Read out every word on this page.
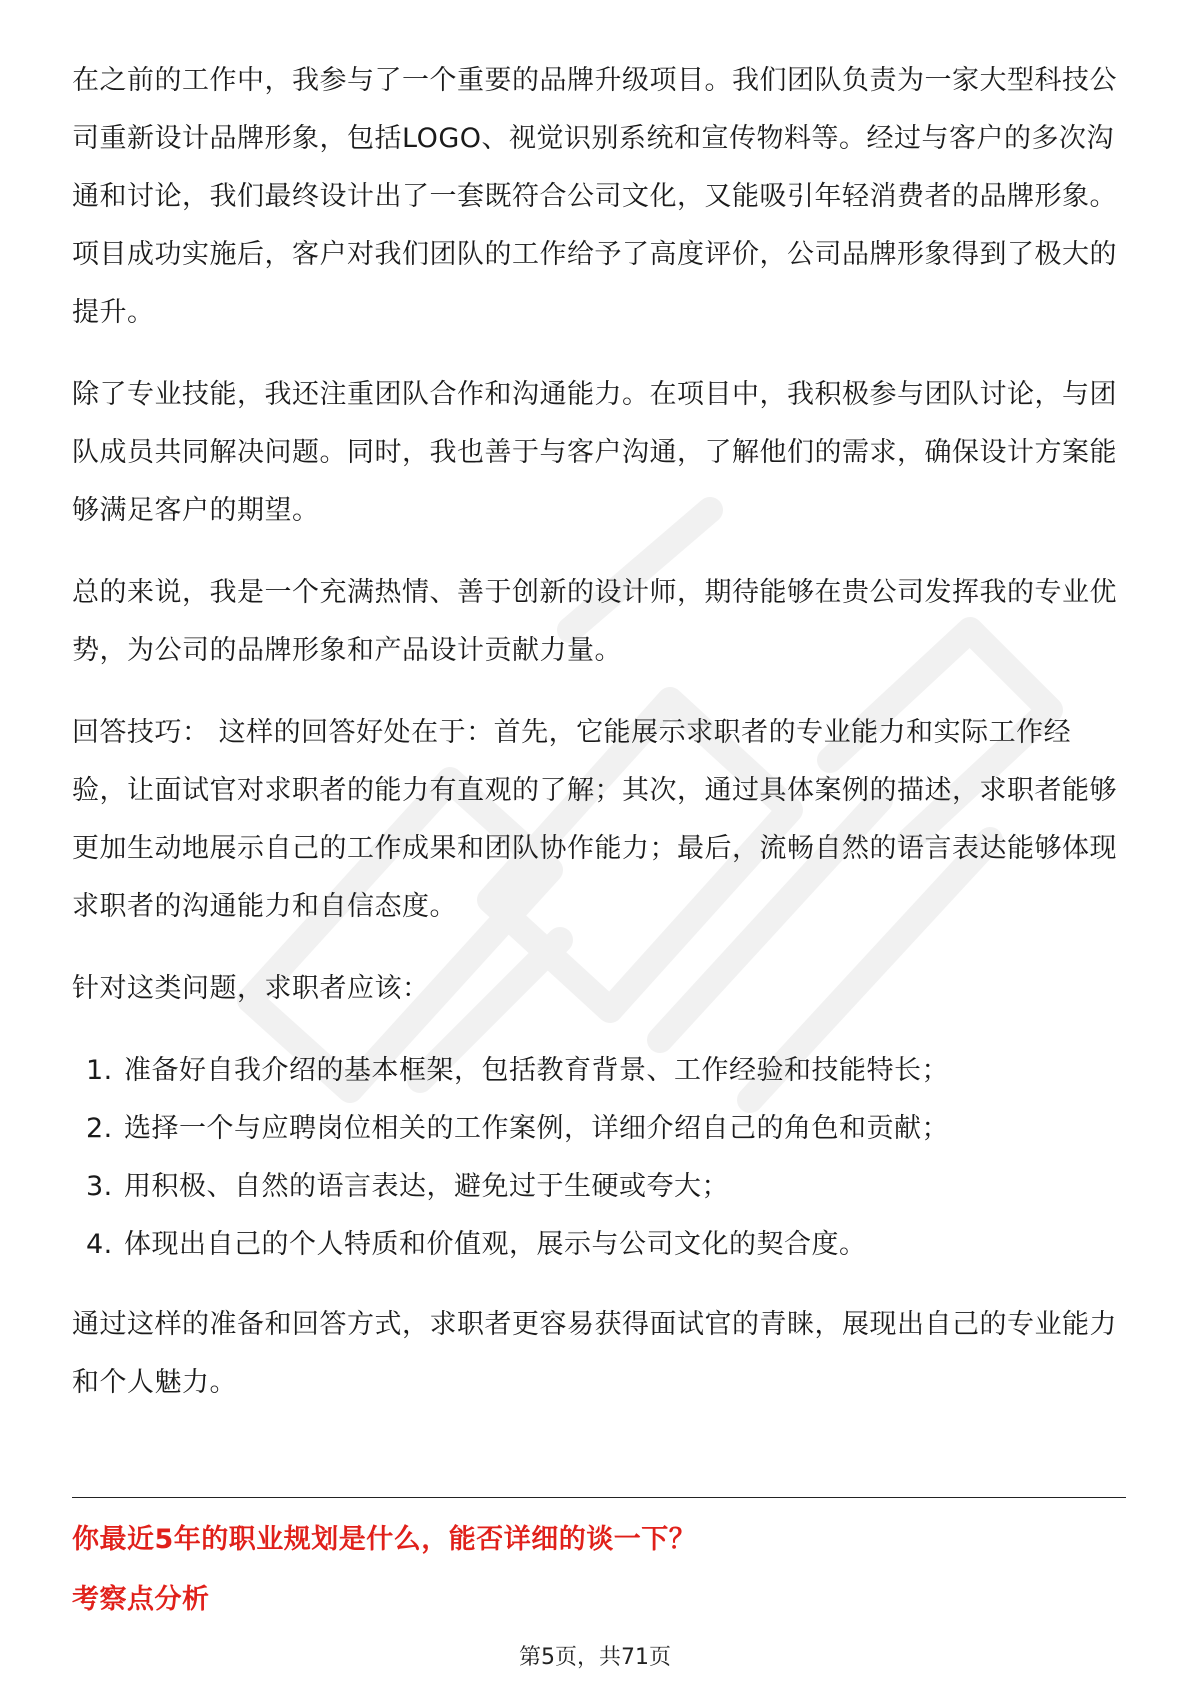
在之前的工作中，我参与了一个重要的品牌升级项目。我们团队负责为一家大型科技公司重新设计品牌形象，包括LOGO、视觉识别系统和宣传物料等。经过与客户的多次沟通和讨论，我们最终设计出了一套既符合公司文化，又能吸引年轻消费者的品牌形象。项目成功实施后，客户对我们团队的工作给予了高度评价，公司品牌形象得到了极大的提升。

除了专业技能，我还注重团队合作和沟通能力。在项目中，我积极参与团队讨论，与团队成员共同解决问题。同时，我也善于与客户沟通，了解他们的需求，确保设计方案能够满足客户的期望。

总的来说，我是一个充满热情、善于创新的设计师，期待能够在贵公司发挥我的专业优势，为公司的品牌形象和产品设计贡献力量。

回答技巧： 这样的回答好处在于：首先，它能展示求职者的专业能力和实际工作经验，让面试官对求职者的能力有直观的了解；其次，通过具体案例的描述，求职者能够更加生动地展示自己的工作成果和团队协作能力；最后，流畅自然的语言表达能够体现求职者的沟通能力和自信态度。

针对这类问题，求职者应该：

1. 准备好自我介绍的基本框架，包括教育背景、工作经验和技能特长；
2. 选择一个与应聘岗位相关的工作案例，详细介绍自己的角色和贡献；
3. 用积极、自然的语言表达，避免过于生硬或夸大；
4. 体现出自己的个人特质和价值观，展示与公司文化的契合度。

通过这样的准备和回答方式，求职者更容易获得面试官的青睐，展现出自己的专业能力和个人魅力。

你最近5年的职业规划是什么，能否详细的谈一下？
考察点分析
第5页，共71页
